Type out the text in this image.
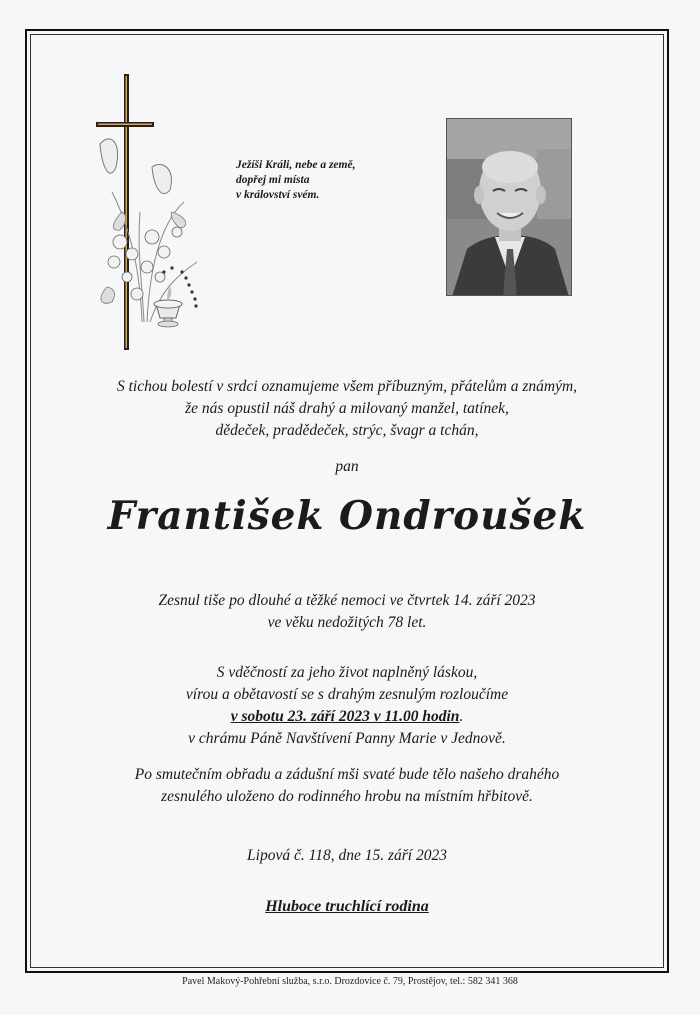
Ježíši Králi, nebe a země,
dopřej mi místa
v království svém.
S tichou bolestí v srdci oznamujeme všem příbuzným, přátelům a známým,
že nás opustil náš drahý a milovaný manžel, tatínek,
dědeček, pradědeček, strýc, švagr a tchán,
pan
František Ondroušek
Zesnul tiše po dlouhé a těžké nemoci ve čtvrtek 14. září 2023
ve věku nedožitých 78 let.
S vděčností za jeho život naplněný láskou,
vírou a obětavostí se s drahým zesnulým rozloučíme
v sobotu 23. září 2023 v 11.00 hodin.
v chrámu Páně Navštívení Panny Marie v Jednově.
Po smutečním obřadu a zádušní mši svaté bude tělo našeho drahého
zesnulého uloženo do rodinného hrobu na místním hřbitově.
Lipová č. 118, dne 15. září 2023
Hluboce truchlící rodina
Pavel Makový-Pohřební služba, s.r.o. Drozdovice č. 79, Prostějov, tel.: 582 341 368
